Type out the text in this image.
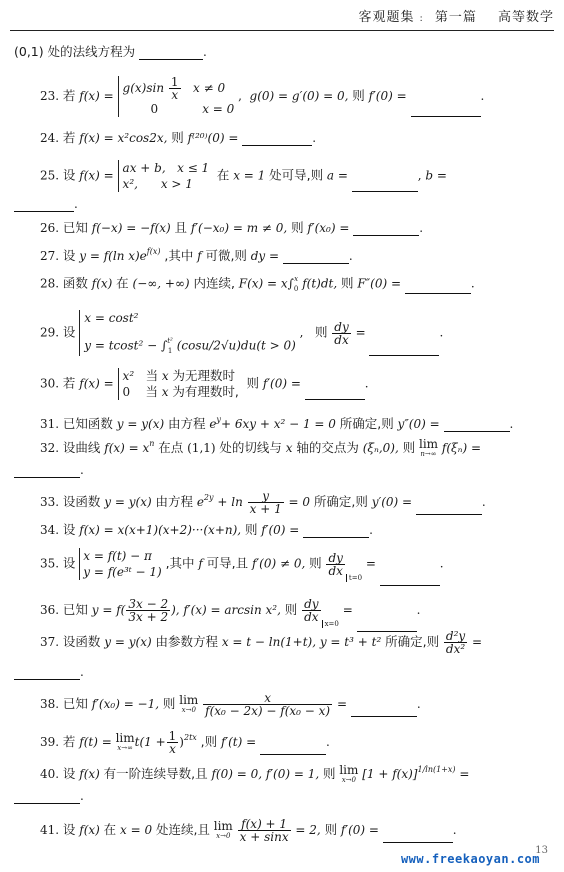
客观题集 : 第一篇 高等数学
(0,1) 处的法线方程为	.
23. 若 f(x) =
$g(x)\sin \frac{1}{x}$ x ≠ 0
0	x = 0
,  g(0) = g′(0) = 0, 则 f′(0) =	.
24. 若 f(x) = x²cos2x, 则 f⁽²⁰⁾(0) =	.
25. 设 f(x) =
ax + b, x ≤ 1
x², x > 1
在 x = 1 处可导,则 a =	, b =
.
26. 已知 f(−x) = −f(x) 且 f′(−x₀) = m ≠ 0, 则 f′(x₀) =	.
27. 设 y = f(ln $x)e^{f(x)}$ ,其中 f 可微,则 dy =	.
28. 函数 f(x) 在 (−∞, +∞) 内连续, F(x) = x∫ x
0 f(t)dt, 则 F″(0) =	.
29. 设
x = cost²
y = tcost² − ∫ t²
1 (cosu/2√u)du(t > 0)
,   则 $\frac{dy}{dx}$ =	.
30. 若 f(x) =
x² 当 x 为无理数时
0 当 x 为有理数时,
则 f′(0) =	.
31. 已知函数 y = y(x) 由方程 $e^y+ 6xy + x^2 - 1 = 0$ 所确定,则 y″(0) =	.
32. 设曲线 $f(x) = x^n$ 在点 (1,1) 处的切线与 x 轴的交点为 (ξₙ,0), 则 lim
n→∞ f(ξₙ) =
.
33. 设函数 y = y(x) 由方程 $e^{2y} + \ln \frac{y}{x + 1} = 0$ 所确定,则 y′(0) =	.
34. 设 f(x) = x(x+1)(x+2)···(x+n), 则 f′(0) =	.
35. 设 x = f(t) − π
y = f(e³ᵗ − 1)
,其中 f 可导,且 f′(0) ≠ 0, 则 $\frac{dy}{dx}$
$_{t=0}$ =	.
36. 已知 $y = f( \frac{3x - 2}{3x + 2}$ ), f′(x) = arcsin x², 则 $\frac{dy}{dx}$
$_{x=0}$ =	.
37. 设函数 y = y(x) 由参数方程 x = t − ln(1+t), y = t³ + t² 所确定,则 $\frac{\text{d²y}}{\text{dx²}}$ =
.
38. 已知 f′(x₀) = −1, 则 lim
x→0
$\frac{x}{\text{f(x₀ − 2x) − f(x₀ − x)}}$ =	.
39. 若 f(t) = lim
x→∞ $t(1 + \frac{1}{x} )^{2tx}$ ,则 f′(t) =	.
40. 设 f(x) 有一阶连续导数,且 f(0) = 0, f′(0) = 1, 则 lim
x→0 $[1 + f(x)]^{1/ln(1+x)}$ =
.
41. 设 f(x) 在 x = 0 处连续,且 lim
x→0
$\frac{f(x) + 1}{x + \sin x} = 2$, 则 f′(0) =	.
13
www.freekaoyan.com
